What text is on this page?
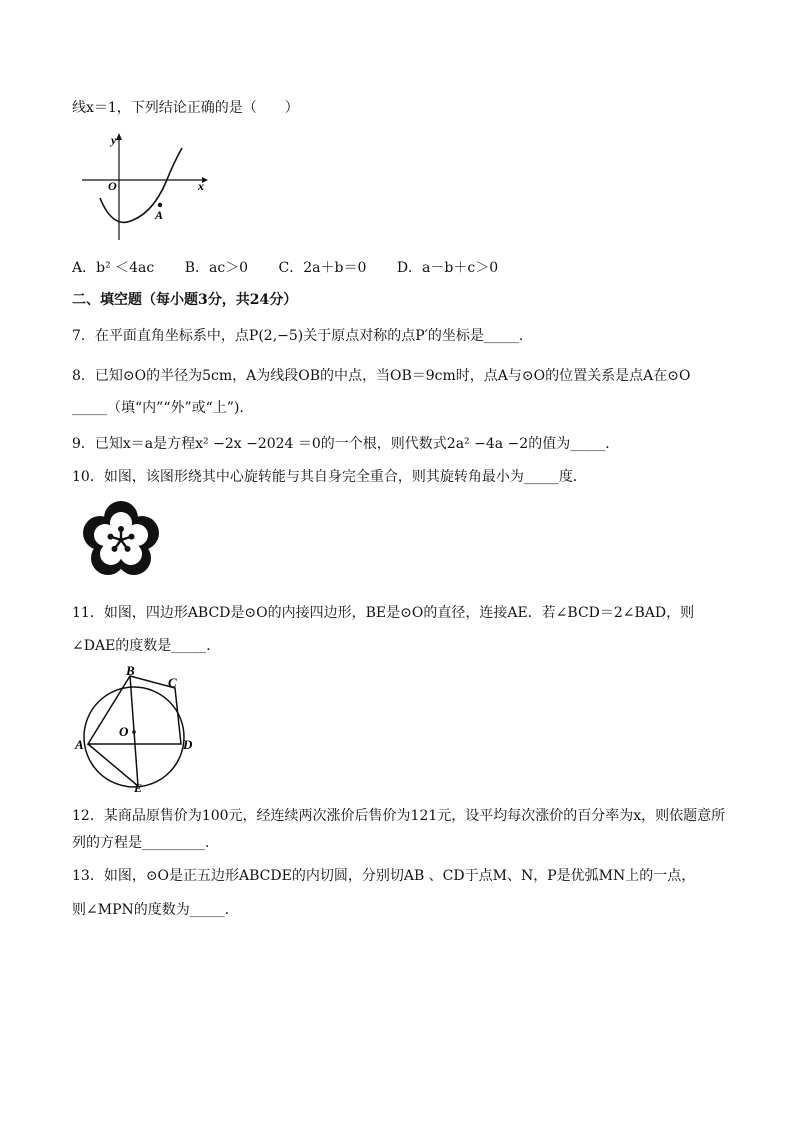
线x＝1，下列结论正确的是（　　）
y
O	x
A
A．b² ＜4ac B．ac＞0 C．2a＋b＝0 D．a－b＋c＞0
二、填空题（每小题3分，共24分）
7．在平面直角坐标系中，点P(2,−5)关于原点对称的点P′的坐标是_____．
8．已知⊙O的半径为5cm，A为线段OB的中点，当OB＝9cm时，点A与⊙O的位置关系是点A在⊙O
_____（填“内”“外”或“上”)．
9．已知x＝a是方程x² −2x −2024 ＝0的一个根，则代数式2a² −4a −2的值为_____．
10．如图，该图形绕其中心旋转能与其自身完全重合，则其旋转角最小为_____度．
11．如图，四边形ABCD是⊙O的内接四边形，BE是⊙O的直径，连接AE．若∠BCD＝2∠BAD，则
∠DAE的度数是_____．
B
C
O
A	D
E
12．某商品原售价为100元，经连续两次涨价后售价为121元，设平均每次涨价的百分率为x，则依题意所
列的方程是_________．
13．如图，⊙O是正五边形ABCDE的内切圆，分别切AB 、CD于点M、N，P是优弧MN上的一点，
则∠MPN的度数为_____．
